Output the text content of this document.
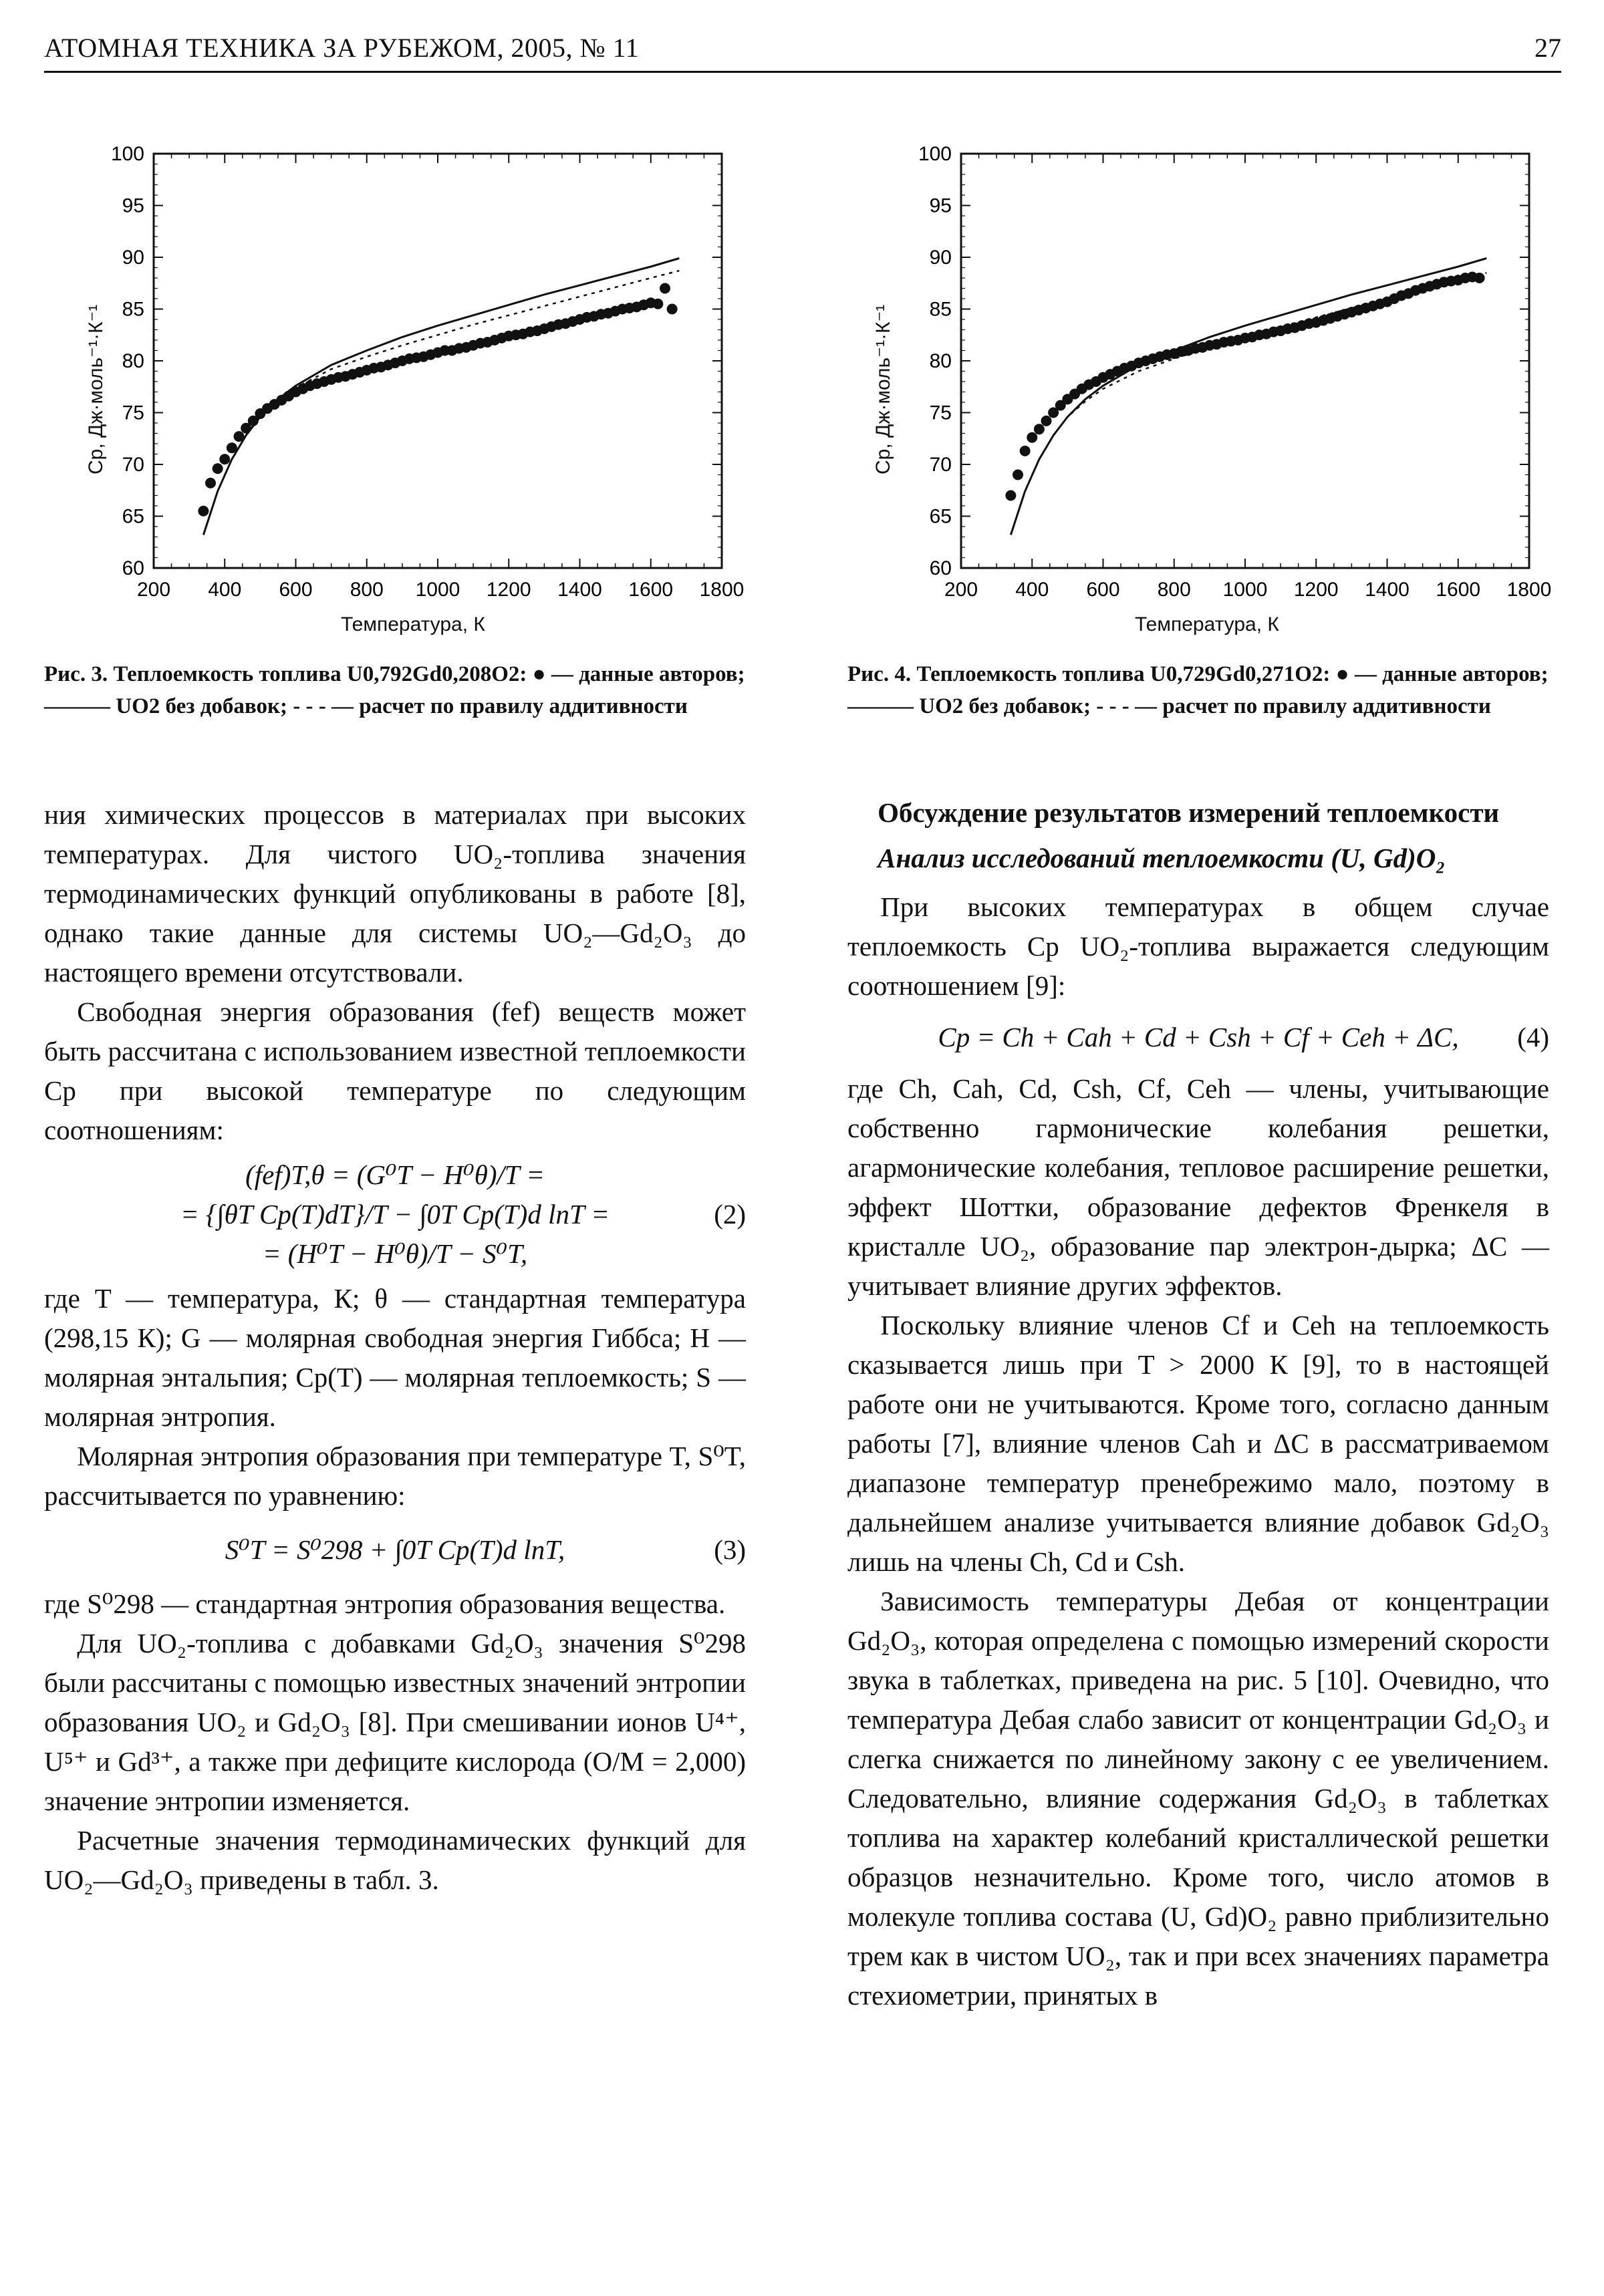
АТОМНАЯ ТЕХНИКА ЗА РУБЕЖОМ, 2005, № 11	27
200 400 600 800 1000 1200 1400 1600 1800
60
65
70
75
80
85
90
95
100
Cp, Дж·моль⁻¹·К⁻¹
Температура, К
200 400 600 800 1000 1200 1400 1600 1800
60
65
70
75
80
85
90
95
100
Cp, Дж·моль⁻¹·К⁻¹
Температура, К
Рис. 3. Теплоемкость топлива U0,792Gd0,208O2: ● — данные авторов; ——— UO2 без добавок; - - - — расчет по правилу аддитивности
Рис. 4. Теплоемкость топлива U0,729Gd0,271O2: ● — данные авторов; ——— UO2 без добавок; - - - — расчет по правилу аддитивности

ния химических процессов в материалах при высоких температурах. Для чистого UO₂-топлива значения термодинамических функций опубликованы в работе [8], однако такие данные для системы UO₂—Gd₂O₃ до настоящего времени отсутствовали.

Свободная энергия образования (fef) веществ может быть рассчитана с использованием известной теплоемкости Cp при высокой температуре по следующим соотношениям:

(fef)T,θ = (G⁰T − H⁰θ)/T =
= {∫θT Cp(T)dT}/T − ∫0T Cp(T)d lnT =
= (H⁰T − H⁰θ)/T − S⁰T,
(2)

где T — температура, К; θ — стандартная температура (298,15 К); G — молярная свободная энергия Гиббса; H — молярная энтальпия; Cp(T) — молярная теплоемкость; S — молярная энтропия.

Молярная энтропия образования при температуре T, S⁰T, рассчитывается по уравнению:

S⁰T = S⁰298 + ∫0T Cp(T)d lnT,	(3)

где S⁰298 — стандартная энтропия образования вещества.

Для UO₂-топлива с добавками Gd₂O₃ значения S⁰298 были рассчитаны с помощью известных значений энтропии образования UO₂ и Gd₂O₃ [8]. При смешивании ионов U⁴⁺, U⁵⁺ и Gd³⁺, а также при дефиците кислорода (O/M = 2,000) значение энтропии изменяется.

Расчетные значения термодинамических функций для UO₂—Gd₂O₃ приведены в табл. 3.

Обсуждение результатов измерений теплоемкости
Анализ исследований теплоемкости (U, Gd)O₂

При высоких температурах в общем случае теплоемкость Cp UO₂-топлива выражается следующим соотношением [9]:

Cp = Ch + Cah + Cd + Csh + Cf + Ceh + ΔC,	(4)

где Ch, Cah, Cd, Csh, Cf, Ceh — члены, учитывающие собственно гармонические колебания решетки, агармонические колебания, тепловое расширение решетки, эффект Шоттки, образование дефектов Френкеля в кристалле UO₂, образование пар электрон-дырка; ΔC — учитывает влияние других эффектов.

Поскольку влияние членов Cf и Ceh на теплоемкость сказывается лишь при T > 2000 К [9], то в настоящей работе они не учитываются. Кроме того, согласно данным работы [7], влияние членов Cah и ΔC в рассматриваемом диапазоне температур пренебрежимо мало, поэтому в дальнейшем анализе учитывается влияние добавок Gd₂O₃ лишь на члены Ch, Cd и Csh.

Зависимость температуры Дебая от концентрации Gd₂O₃, которая определена с помощью измерений скорости звука в таблетках, приведена на рис. 5 [10]. Очевидно, что температура Дебая слабо зависит от концентрации Gd₂O₃ и слегка снижается по линейному закону с ее увеличением. Следовательно, влияние содержания Gd₂O₃ в таблетках топлива на характер колебаний кристаллической решетки образцов незначительно. Кроме того, число атомов в молекуле топлива состава (U, Gd)O₂ равно приблизительно трем как в чистом UO₂, так и при всех значениях параметра стехиометрии, принятых в
